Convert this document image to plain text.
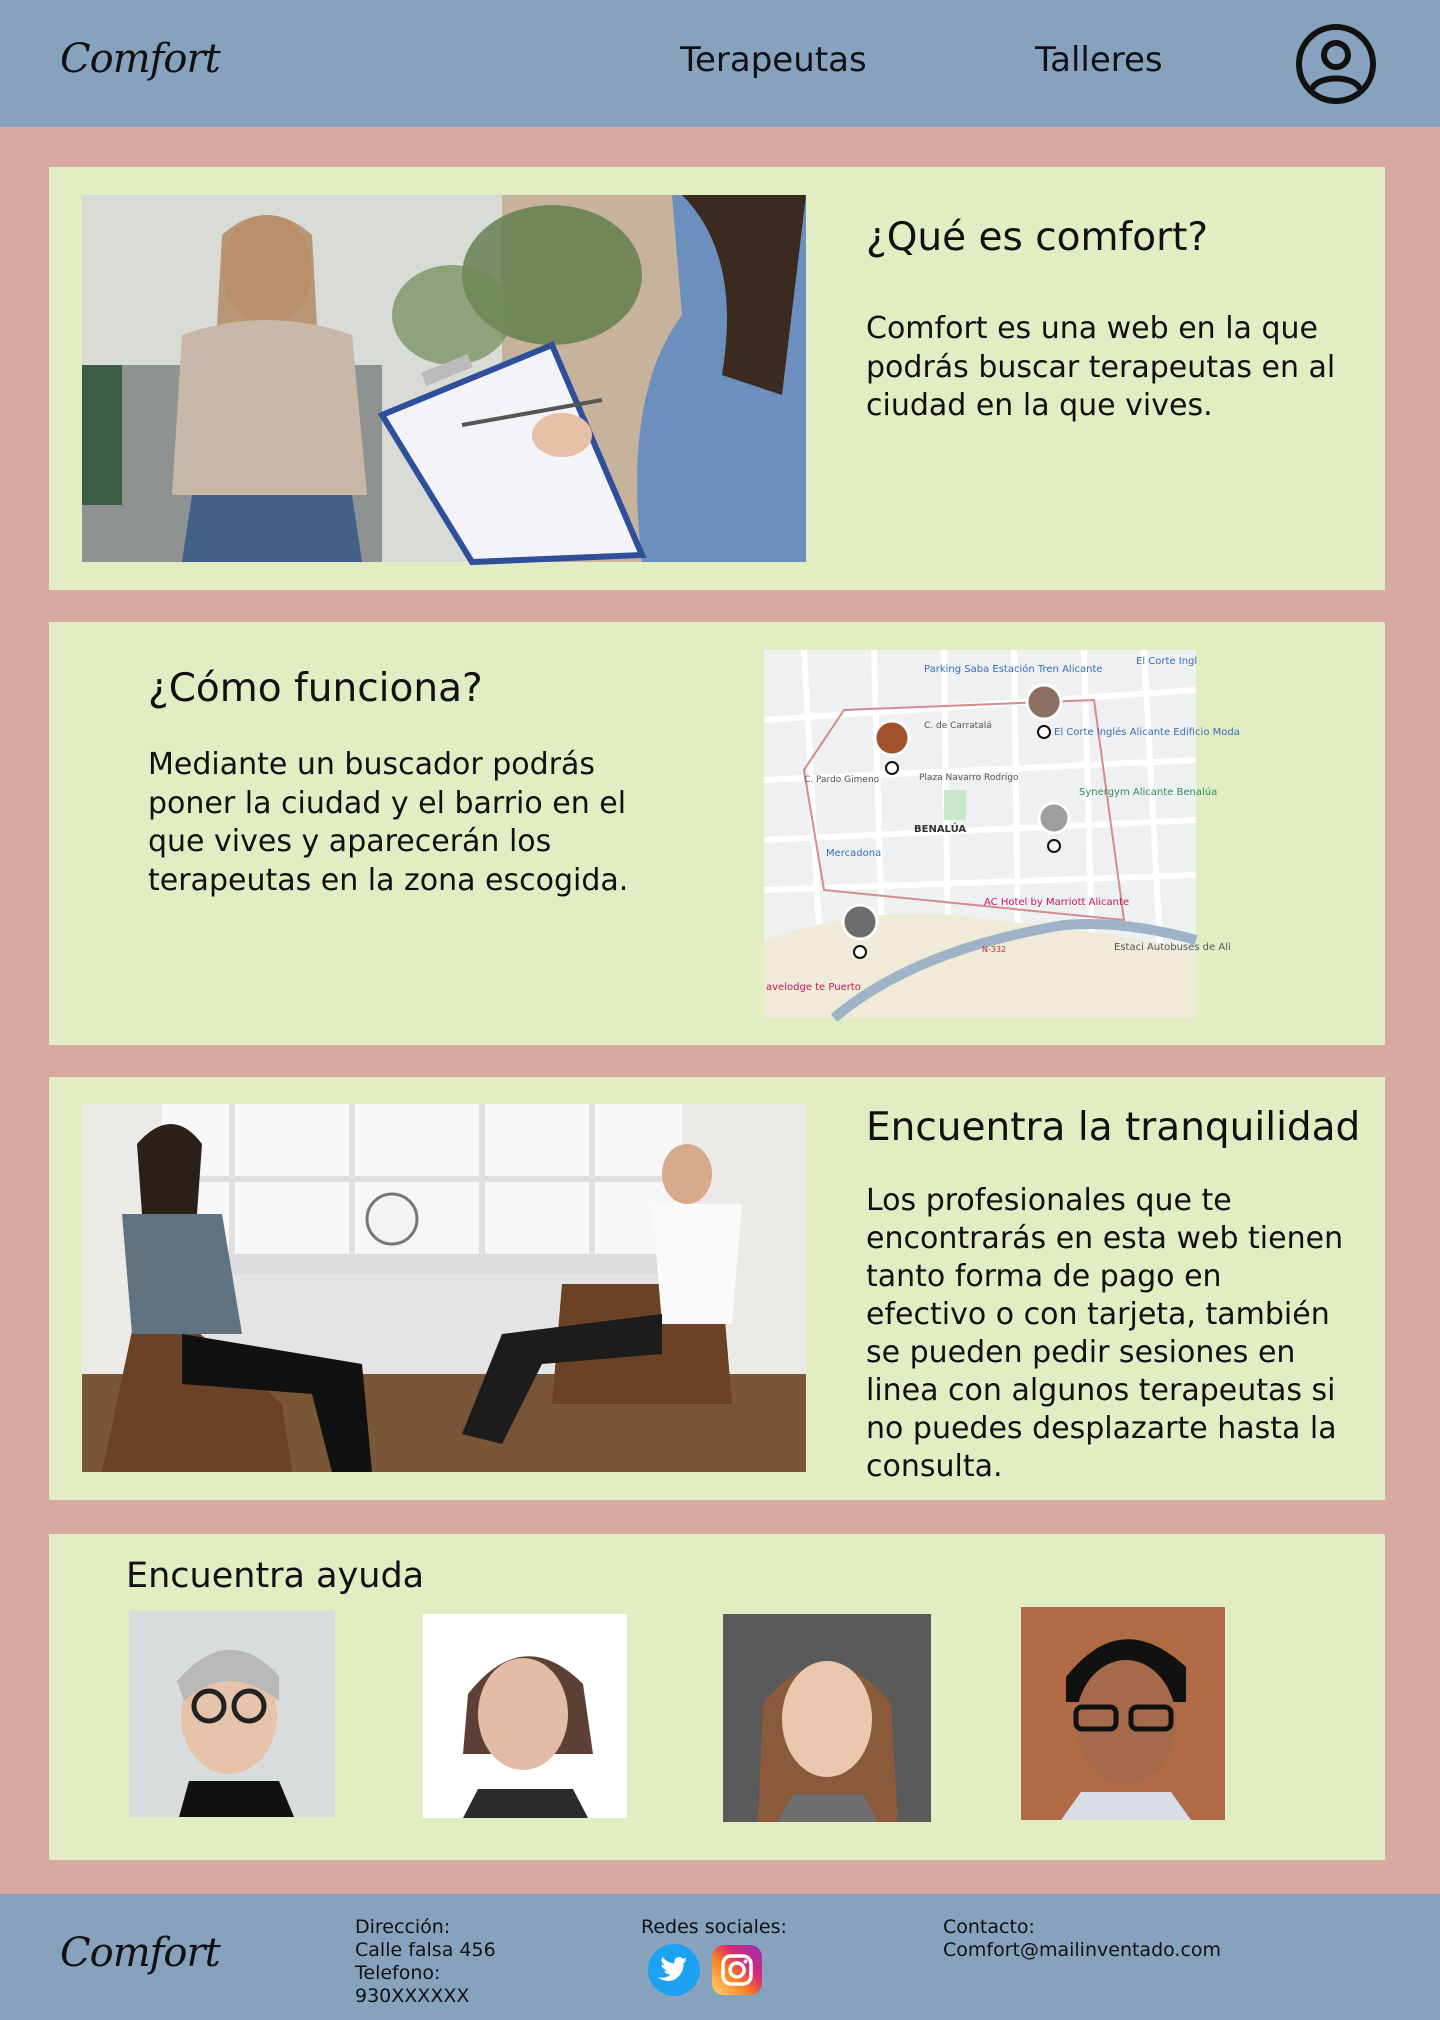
Comfort	Terapeutas	Talleres
¿Qué es comfort?
Comfort es una web en la que podrás buscar terapeutas en al ciudad en la que vives.
¿Cómo funciona?
Mediante un buscador podrás poner la ciudad y el barrio en el que vives y aparecerán los terapeutas en la zona escogida.
Parking Saba Estación Tren Alicante
El Corte Ingl
El Corte Inglés Alicante Edificio Moda
C. de Carratalá
C. Pardo Gimeno	Plaza Navarro Rodrigo
BENALÚA
Synergym Alicante Benalúa
Mercadona
AC Hotel by Marriott Alicante
avelodge te Puerto
Estaci Autobuses de Ali
N-332
Encuentra la tranquilidad
Los profesionales que te encontrarás en esta web tienen tanto forma de pago en efectivo o con tarjeta, también se pueden pedir sesiones en linea con algunos terapeutas si no puedes desplazarte hasta la consulta.
Encuentra ayuda
Comfort
Dirección:
Calle falsa 456
Telefono:
930XXXXXX
Redes sociales:	Contacto:
Comfort@mailinventado.com
